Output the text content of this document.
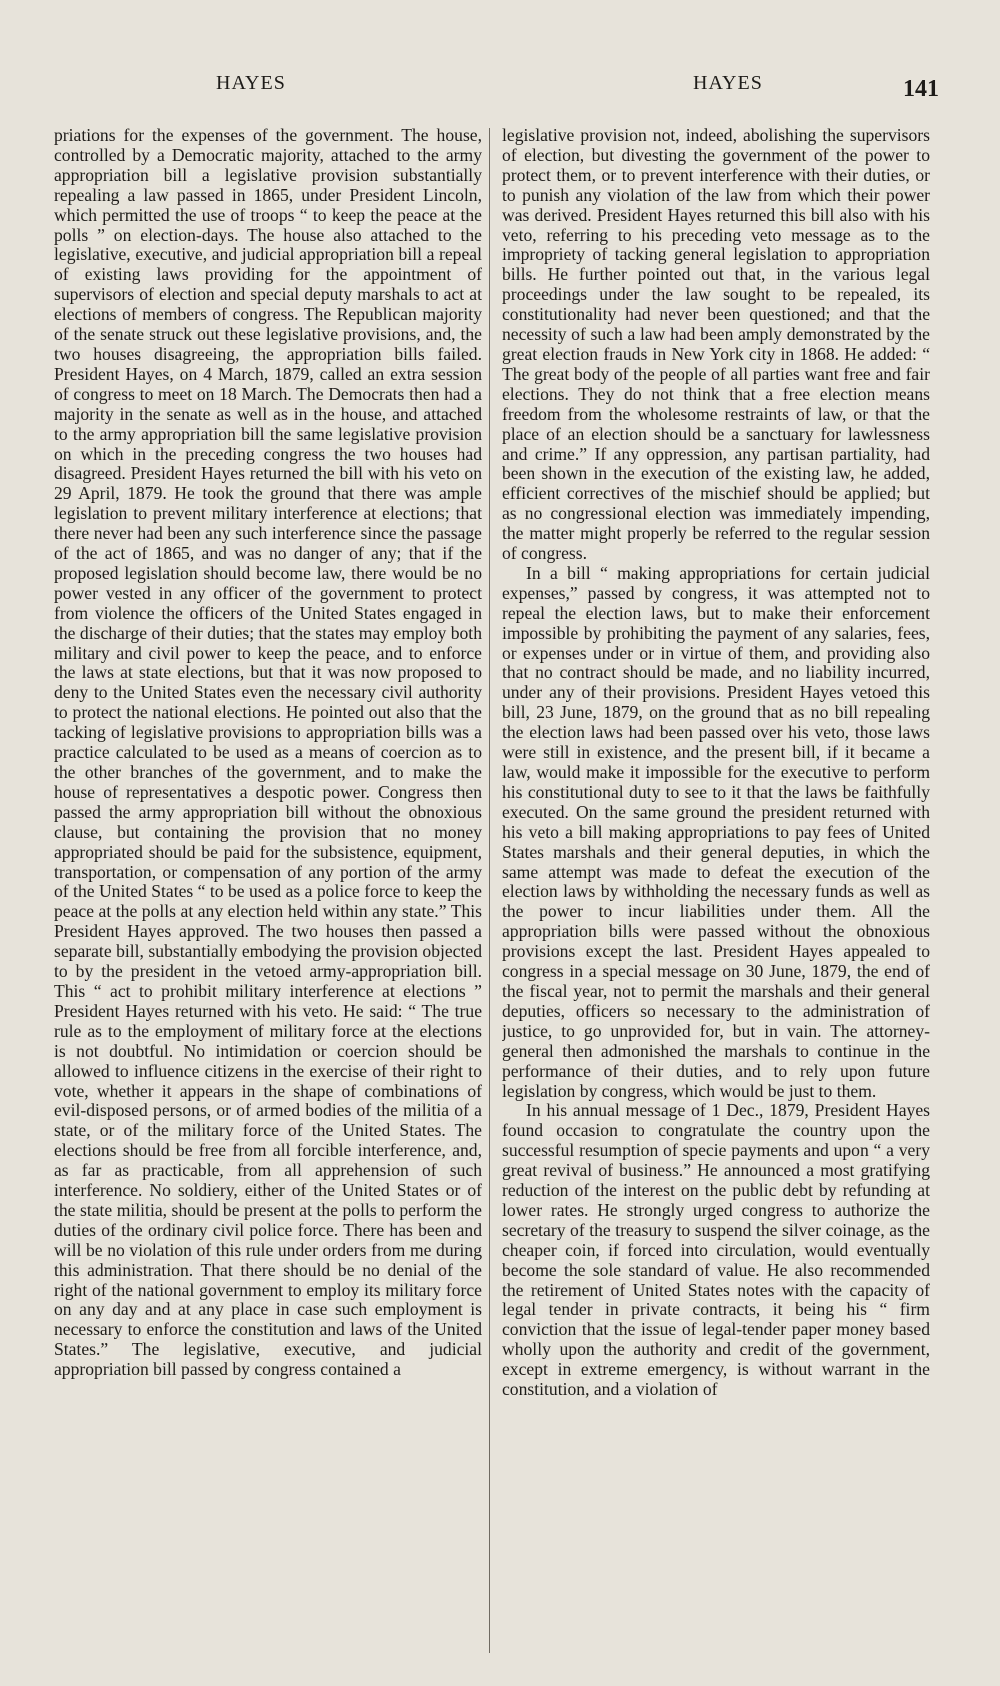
HAYES	HAYES	141

priations for the expenses of the government. The house, controlled by a Democratic majority, attached to the army appropriation bill a legislative provision substantially repealing a law passed in 1865, under President Lincoln, which permitted the use of troops “ to keep the peace at the polls ” on election-days. The house also attached to the legislative, executive, and judicial appropriation bill a repeal of existing laws providing for the appointment of supervisors of election and special deputy marshals to act at elections of members of congress. The Republican majority of the senate struck out these legislative provisions, and, the two houses disagreeing, the appropriation bills failed. President Hayes, on 4 March, 1879, called an extra session of congress to meet on 18 March. The Democrats then had a majority in the senate as well as in the house, and attached to the army appropriation bill the same legislative provision on which in the preceding congress the two houses had disagreed. President Hayes returned the bill with his veto on 29 April, 1879. He took the ground that there was ample legislation to prevent military interference at elections; that there never had been any such interference since the passage of the act of 1865, and was no danger of any; that if the proposed legislation should become law, there would be no power vested in any officer of the government to protect from violence the officers of the United States engaged in the discharge of their duties; that the states may employ both military and civil power to keep the peace, and to enforce the laws at state elections, but that it was now proposed to deny to the United States even the necessary civil authority to protect the national elections. He pointed out also that the tacking of legislative provisions to appropriation bills was a practice calculated to be used as a means of coercion as to the other branches of the government, and to make the house of representatives a despotic power. Congress then passed the army appropriation bill without the obnoxious clause, but containing the provision that no money appropriated should be paid for the subsistence, equipment, transportation, or compensation of any portion of the army of the United States “ to be used as a police force to keep the peace at the polls at any election held within any state.” This President Hayes approved. The two houses then passed a separate bill, substantially embodying the provision objected to by the president in the vetoed army-appropriation bill. This “ act to prohibit military interference at elections ” President Hayes returned with his veto. He said: “ The true rule as to the employment of military force at the elections is not doubtful. No intimidation or coercion should be allowed to influence citizens in the exercise of their right to vote, whether it appears in the shape of combinations of evil-disposed persons, or of armed bodies of the militia of a state, or of the military force of the United States. The elections should be free from all forcible interference, and, as far as practicable, from all apprehension of such interference. No soldiery, either of the United States or of the state militia, should be present at the polls to perform the duties of the ordinary civil police force. There has been and will be no violation of this rule under orders from me during this administration. That there should be no denial of the right of the national government to employ its military force on any day and at any place in case such employment is necessary to enforce the constitution and laws of the United States.” The legislative, executive, and judicial appropriation bill passed by congress contained a

legislative provision not, indeed, abolishing the supervisors of election, but divesting the government of the power to protect them, or to prevent interference with their duties, or to punish any violation of the law from which their power was derived. President Hayes returned this bill also with his veto, referring to his preceding veto message as to the impropriety of tacking general legislation to appropriation bills. He further pointed out that, in the various legal proceedings under the law sought to be repealed, its constitutionality had never been questioned; and that the necessity of such a law had been amply demonstrated by the great election frauds in New York city in 1868. He added: “ The great body of the people of all parties want free and fair elections. They do not think that a free election means freedom from the wholesome restraints of law, or that the place of an election should be a sanctuary for lawlessness and crime.” If any oppression, any partisan partiality, had been shown in the execution of the existing law, he added, efficient correctives of the mischief should be applied; but as no congressional election was immediately impending, the matter might properly be referred to the regular session of congress.

In a bill “ making appropriations for certain judicial expenses,” passed by congress, it was attempted not to repeal the election laws, but to make their enforcement impossible by prohibiting the payment of any salaries, fees, or expenses under or in virtue of them, and providing also that no contract should be made, and no liability incurred, under any of their provisions. President Hayes vetoed this bill, 23 June, 1879, on the ground that as no bill repealing the election laws had been passed over his veto, those laws were still in existence, and the present bill, if it became a law, would make it impossible for the executive to perform his constitutional duty to see to it that the laws be faithfully executed. On the same ground the president returned with his veto a bill making appropriations to pay fees of United States marshals and their general deputies, in which the same attempt was made to defeat the execution of the election laws by withholding the necessary funds as well as the power to incur liabilities under them. All the appropriation bills were passed without the obnoxious provisions except the last. President Hayes appealed to congress in a special message on 30 June, 1879, the end of the fiscal year, not to permit the marshals and their general deputies, officers so necessary to the administration of justice, to go unprovided for, but in vain. The attorney-general then admonished the marshals to continue in the performance of their duties, and to rely upon future legislation by congress, which would be just to them.

In his annual message of 1 Dec., 1879, President Hayes found occasion to congratulate the country upon the successful resumption of specie payments and upon “ a very great revival of business.” He announced a most gratifying reduction of the interest on the public debt by refunding at lower rates. He strongly urged congress to authorize the secretary of the treasury to suspend the silver coinage, as the cheaper coin, if forced into circulation, would eventually become the sole standard of value. He also recommended the retirement of United States notes with the capacity of legal tender in private contracts, it being his “ firm conviction that the issue of legal-tender paper money based wholly upon the authority and credit of the government, except in extreme emergency, is without warrant in the constitution, and a violation of
